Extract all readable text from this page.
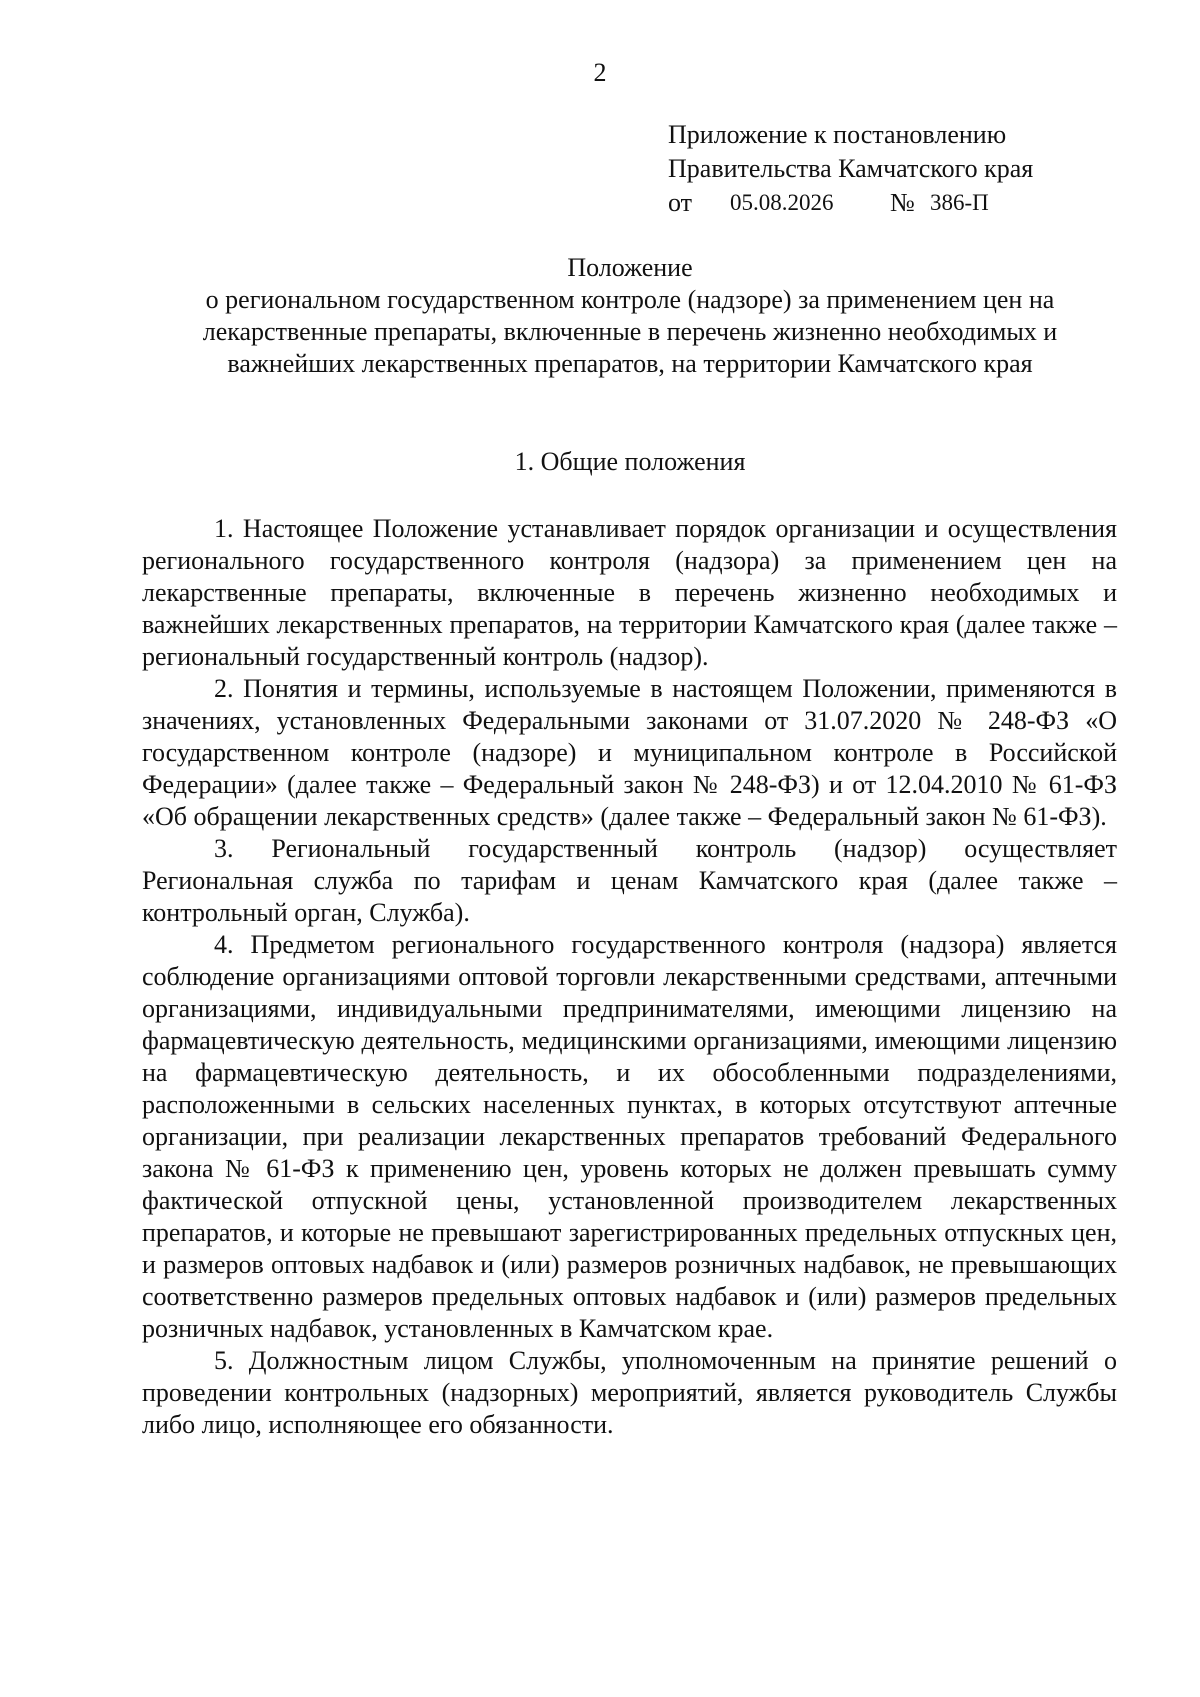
2
Приложение к постановлению
Правительства Камчатского края
от 05.08.2026 № 386-П
Положение
о региональном государственном контроле (надзоре) за применением цен на
лекарственные препараты, включенные в перечень жизненно необходимых и
важнейших лекарственных препаратов, на территории Камчатского края
1. Общие положения

1. Настоящее Положение устанавливает порядок организации и осуществления регионального государственного контроля (надзора) за применением цен на лекарственные препараты, включенные в перечень жизненно необходимых и важнейших лекарственных препаратов, на территории Камчатского края (далее также – региональный государственный контроль (надзор).

2. Понятия и термины, используемые в настоящем Положении, применяются в значениях, установленных Федеральными законами от 31.07.2020 № 248-ФЗ «О государственном контроле (надзоре) и муниципальном контроле в Российской Федерации» (далее также – Федеральный закон № 248-ФЗ) и от 12.04.2010 № 61-ФЗ «Об обращении лекарственных средств» (далее также – Федеральный закон № 61-ФЗ).

3. Региональный государственный контроль (надзор) осуществляет Региональная служба по тарифам и ценам Камчатского края (далее также – контрольный орган, Служба).

4. Предметом регионального государственного контроля (надзора) является соблюдение организациями оптовой торговли лекарственными средствами, аптечными организациями, индивидуальными предпринимателями, имеющими лицензию на фармацевтическую деятельность, медицинскими организациями, имеющими лицензию на фармацевтическую деятельность, и их обособленными подразделениями, расположенными в сельских населенных пунктах, в которых отсутствуют аптечные организации, при реализации лекарственных препаратов требований Федерального закона № 61-ФЗ к применению цен, уровень которых не должен превышать сумму фактической отпускной цены, установленной производителем лекарственных препаратов, и которые не превышают зарегистрированных предельных отпускных цен, и размеров оптовых надбавок и (или) размеров розничных надбавок, не превышающих соответственно размеров предельных оптовых надбавок и (или) размеров предельных розничных надбавок, установленных в Камчатском крае.

5. Должностным лицом Службы, уполномоченным на принятие решений о проведении контрольных (надзорных) мероприятий, является руководитель Службы либо лицо, исполняющее его обязанности.
